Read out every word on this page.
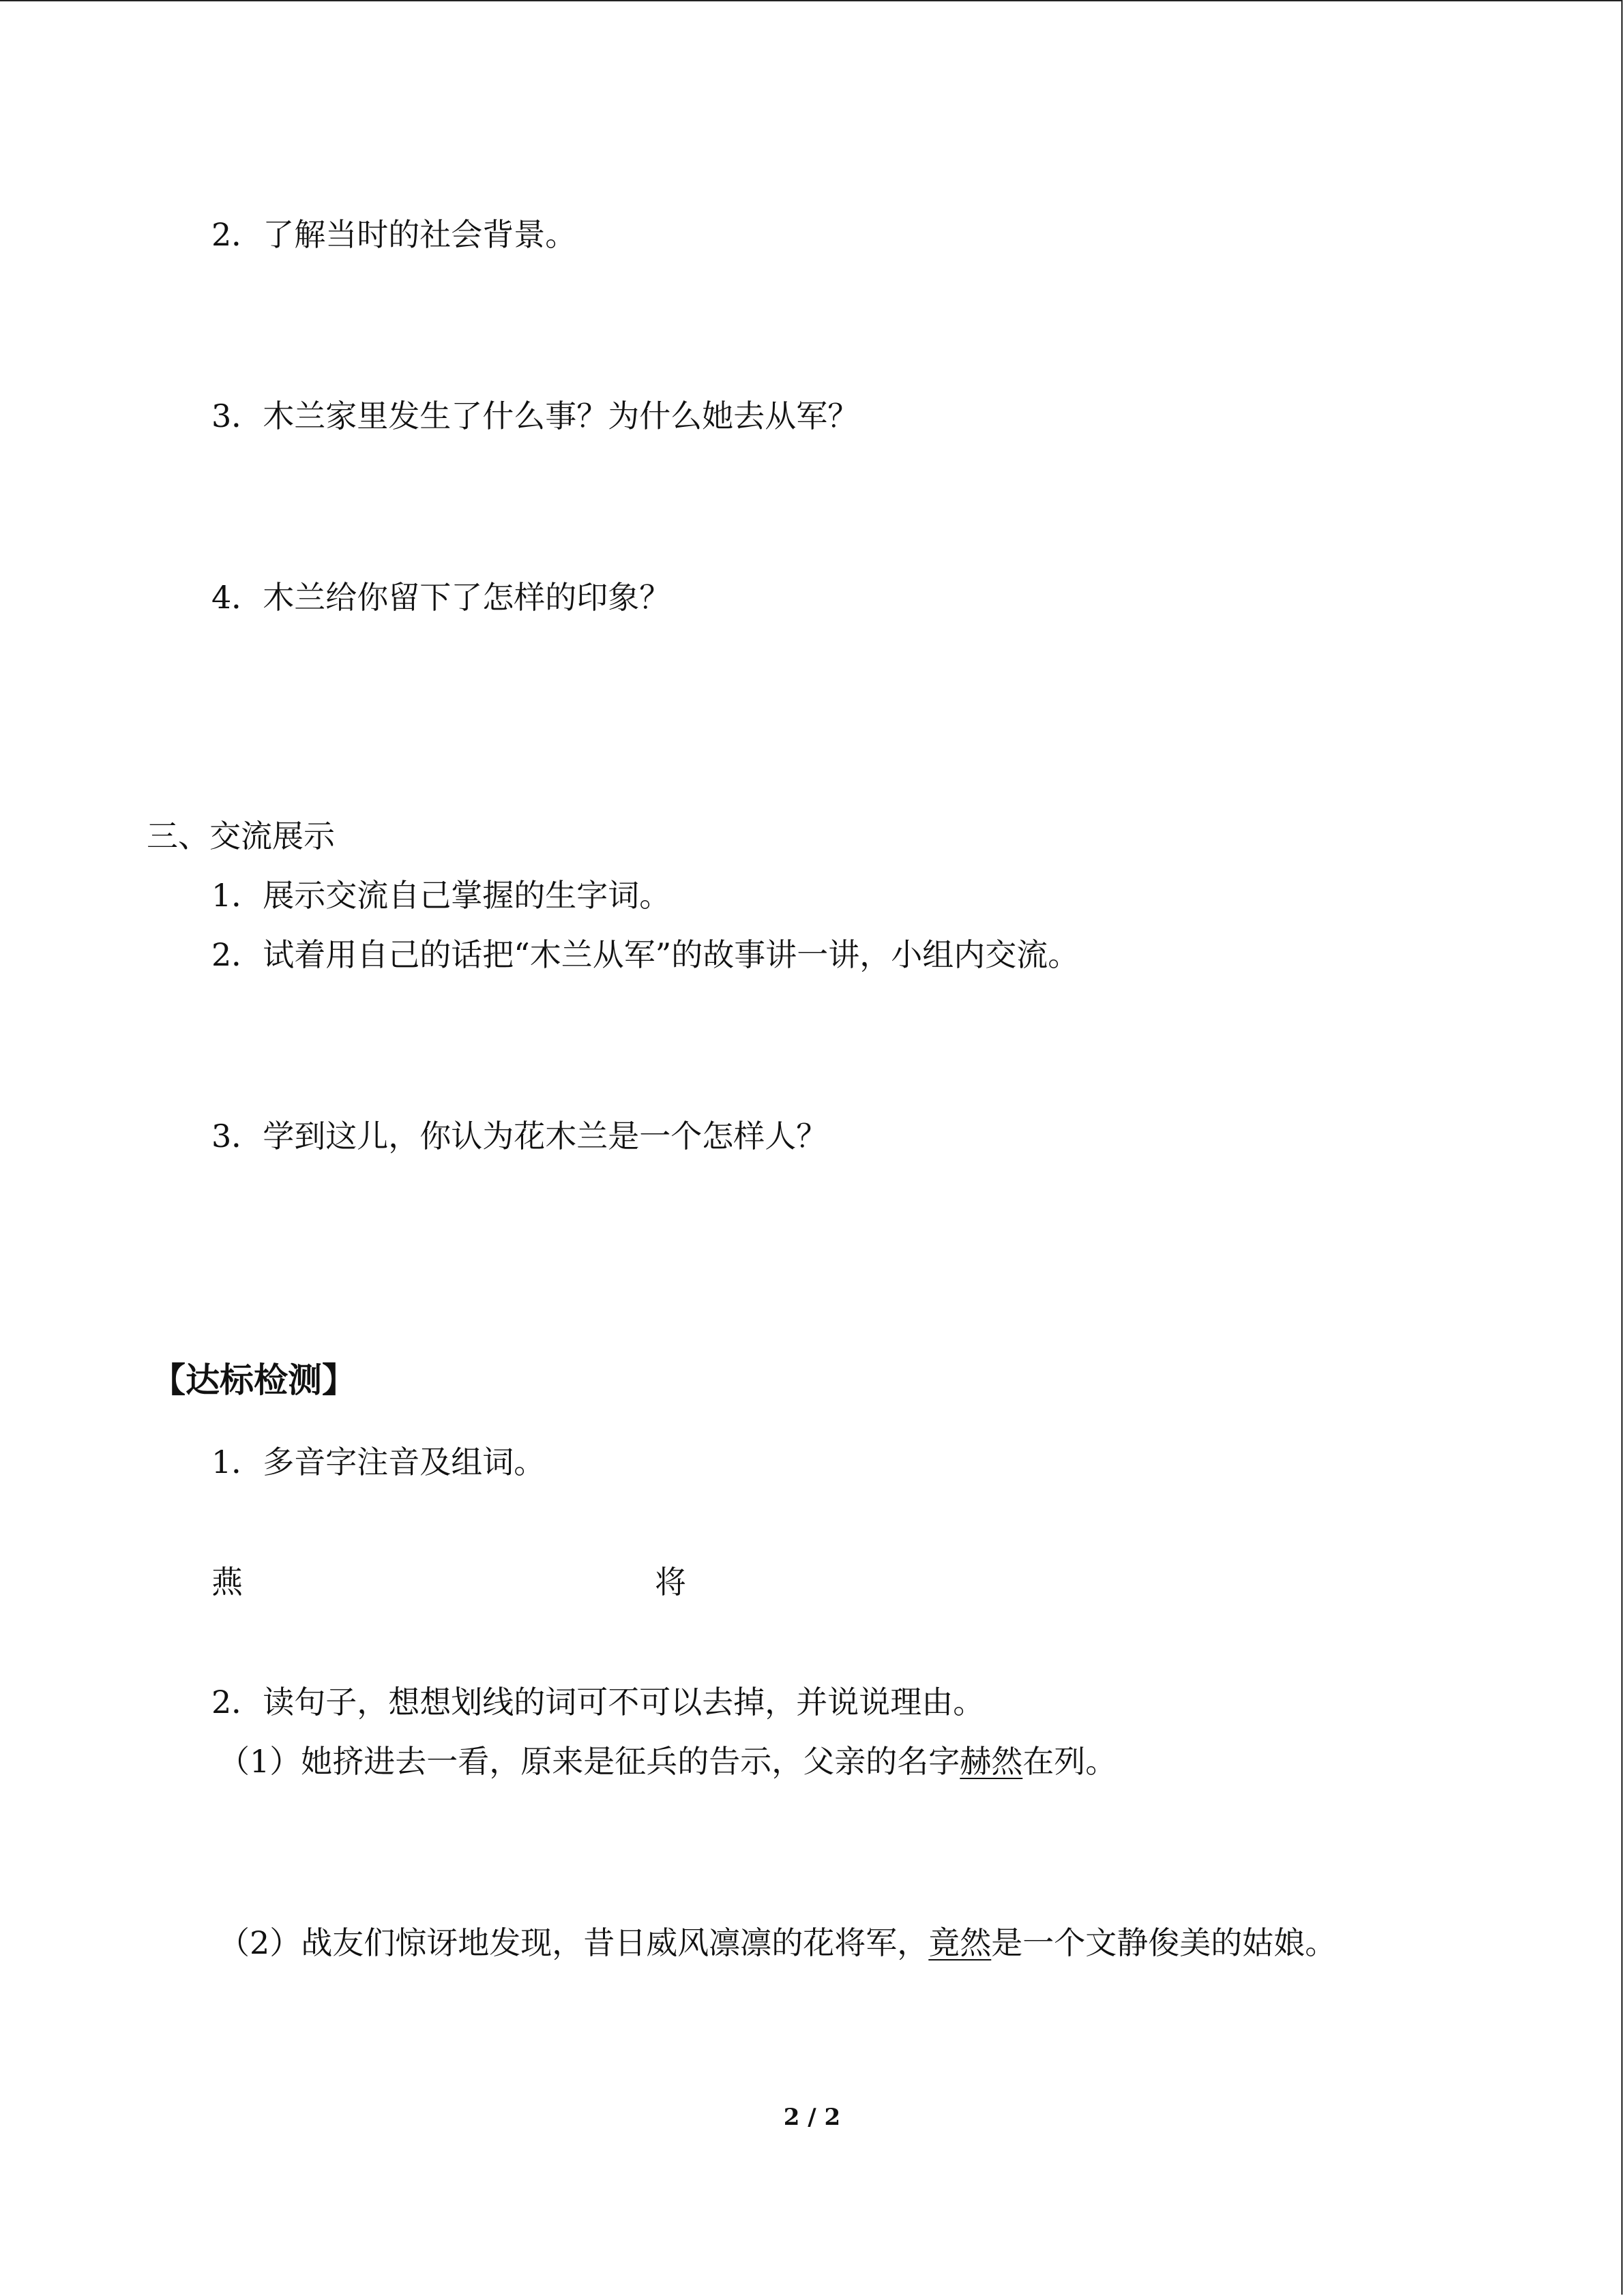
2．了解当时的社会背景。
3．木兰家里发生了什么事？为什么她去从军？
4．木兰给你留下了怎样的印象？
三、交流展示
1．展示交流自己掌握的生字词。
2．试着用自己的话把“木兰从军”的故事讲一讲，小组内交流。
3．学到这儿，你认为花木兰是一个怎样人？
【达标检测】
1．多音字注音及组词。
燕	将
2．读句子，想想划线的词可不可以去掉，并说说理由。
（1）她挤进去一看，原来是征兵的告示，父亲的名字赫然在列。
（2）战友们惊讶地发现，昔日威风凛凛的花将军，竟然是一个文静俊美的姑娘。
2 / 2
